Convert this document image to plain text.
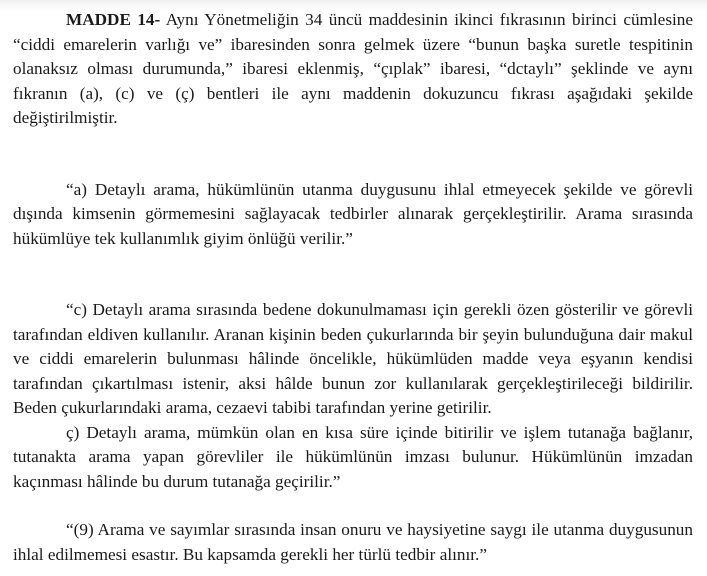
MADDE 14- Aynı Yönetmeliğin 34 üncü maddesinin ikinci fıkrasının birinci cümlesine “ciddi emarelerin varlığı ve” ibaresinden sonra gelmek üzere “bunun başka suretle tespitinin olanaksız olması durumunda,” ibaresi eklenmiş, “çıplak” ibaresi, “dctaylı” şeklinde ve aynı fıkranın (a), (c) ve (ç) bentleri ile aynı maddenin dokuzuncu fıkrası aşağıdaki şekilde değiştirilmiştir.

“a) Detaylı arama, hükümlünün utanma duygusunu ihlal etmeyecek şekilde ve görevli dışında kimsenin görmemesini sağlayacak tedbirler alınarak gerçekleştirilir. Arama sırasında hükümlüye tek kullanımlık giyim önlüğü verilir.”

“c) Detaylı arama sırasında bedene dokunulmaması için gerekli özen gösterilir ve görevli tarafından eldiven kullanılır. Aranan kişinin beden çukurlarında bir şeyin bulunduğuna dair makul ve ciddi emarelerin bulunması hâlinde öncelikle, hükümlüden madde veya eşyanın kendisi tarafından çıkartılması istenir, aksi hâlde bunun zor kullanılarak gerçekleştirileceği bildirilir. Beden çukurlarındaki arama, cezaevi tabibi tarafından yerine getirilir.

ç) Detaylı arama, mümkün olan en kısa süre içinde bitirilir ve işlem tutanağa bağlanır, tutanakta arama yapan görevliler ile hükümlünün imzası bulunur. Hükümlünün imzadan kaçınması hâlinde bu durum tutanağa geçirilir.”

“(9) Arama ve sayımlar sırasında insan onuru ve haysiyetine saygı ile utanma duygusunun ihlal edilmemesi esastır. Bu kapsamda gerekli her türlü tedbir alınır.”
